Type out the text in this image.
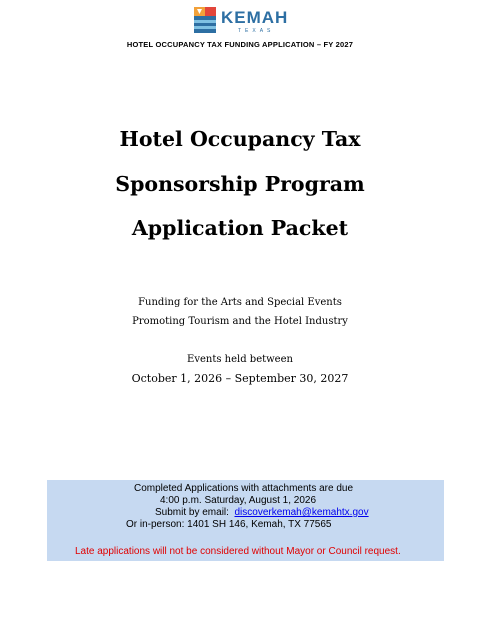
KEMAH
TEXAS
HOTEL OCCUPANCY TAX FUNDING APPLICATION – FY 2027
Hotel Occupancy Tax
Sponsorship Program
Application Packet
Funding for the Arts and Special Events
Promoting Tourism and the Hotel Industry
Events held between
October 1, 2026 – September 30, 2027
Completed Applications with attachments are due
4:00 p.m. Saturday, August 1, 2026
Submit by email: discoverkemah@kemahtx.gov
Or in-person: 1401 SH 146, Kemah, TX 77565
Late applications will not be considered without Mayor or Council request.
